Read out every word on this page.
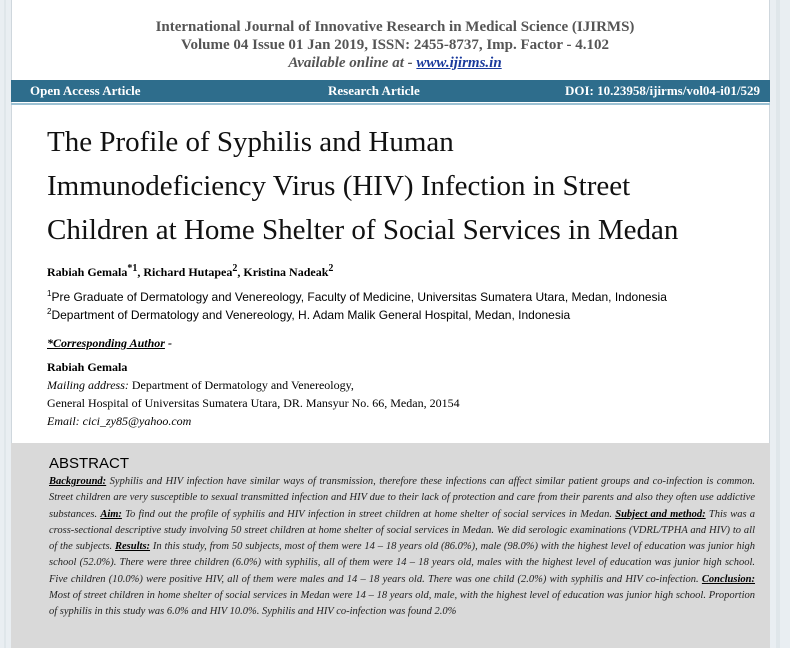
International Journal of Innovative Research in Medical Science (IJIRMS)
Volume 04 Issue 01 Jan 2019, ISSN: 2455-8737, Imp. Factor - 4.102
Available online at - www.ijirms.in
Open Access Article	Research Article	DOI: 10.23958/ijirms/vol04-i01/529
The Profile of Syphilis and Human
Immunodeficiency Virus (HIV) Infection in Street
Children at Home Shelter of Social Services in Medan
Rabiah Gemala$^{*1}$, Richard Hutapea$^2$, Kristina Nadeak$^2$
$^1$Pre Graduate of Dermatology and Venereology, Faculty of Medicine, Universitas Sumatera Utara, Medan, Indonesia
$^2$Department of Dermatology and Venereology, H. Adam Malik General Hospital, Medan, Indonesia
*Corresponding Author -
Rabiah Gemala
Mailing address: Department of Dermatology and Venereology,
General Hospital of Universitas Sumatera Utara, DR. Mansyur No. 66, Medan, 20154
Email: cici_zy85@yahoo.com
ABSTRACT
Background: Syphilis and HIV infection have similar ways of transmission, therefore these infections can affect similar patient groups and co-infection is common. Street children are very susceptible to sexual transmitted infection and HIV due to their lack of protection and care from their parents and also they often use addictive substances. Aim: To find out the profile of syphilis and HIV infection in street children at home shelter of social services in Medan. Subject and method: This was a cross-sectional descriptive study involving 50 street children at home shelter of social services in Medan. We did serologic examinations (VDRL/TPHA and HIV) to all of the subjects. Results: In this study, from 50 subjects, most of them were 14 – 18 years old (86.0%), male (98.0%) with the highest level of education was junior high school (52.0%). There were three children (6.0%) with syphilis, all of them were 14 – 18 years old, males with the highest level of education was junior high school. Five children (10.0%) were positive HIV, all of them were males and 14 – 18 years old. There was one child (2.0%) with syphilis and HIV co-infection. Conclusion: Most of street children in home shelter of social services in Medan were 14 – 18 years old, male, with the highest level of education was junior high school. Proportion of syphilis in this study was 6.0% and HIV 10.0%. Syphilis and HIV co-infection was found 2.0%
